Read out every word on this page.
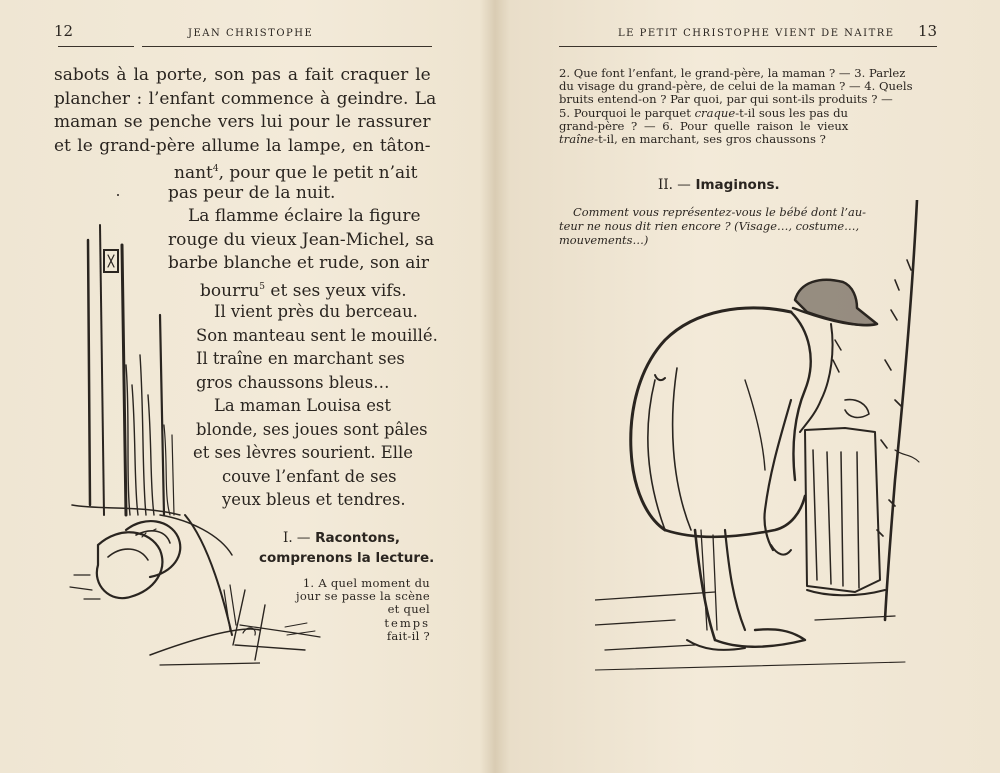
12	JEAN CHRISTOPHE
sabots à la porte, son pas a fait craquer le
plancher : l’enfant commence à geindre. La
maman se penche vers lui pour le rassurer
et le grand-père allume la lampe, en tâton-
nant$^4$, pour que le petit n’ait
pas peur de la nuit.
La flamme éclaire la figure
rouge du vieux Jean-Michel, sa
barbe blanche et rude, son air
bourru$^5$ et ses yeux vifs.
Il vient près du berceau.
Son manteau sent le mouillé.
Il traîne en marchant ses
gros chaussons bleus…
La maman Louisa est
blonde, ses joues sont pâles
et ses lèvres sourient. Elle
couve l’enfant de ses
yeux bleus et tendres.
I. — Racontons,
comprenons la lecture.
1. A quel moment du
jour se passe la scène
et quel
temps
fait-il ?
LE PETIT CHRISTOPHE VIENT DE NAITRE 13
2. Que font l’enfant, le grand-père, la maman ? — 3. Parlez
du visage du grand-père, de celui de la maman ? — 4. Quels
bruits entend-on ? Par quoi, par qui sont-ils produits ? —
5. Pourquoi le parquet craque-t-il sous les pas du
grand-père ? — 6. Pour quelle raison le vieux
traîne-t-il, en marchant, ses gros chaussons ?
II. — Imaginons.
Comment vous représentez-vous le bébé dont l’au-
teur ne nous dit rien encore ? (Visage…, costume…,
mouvements…)
